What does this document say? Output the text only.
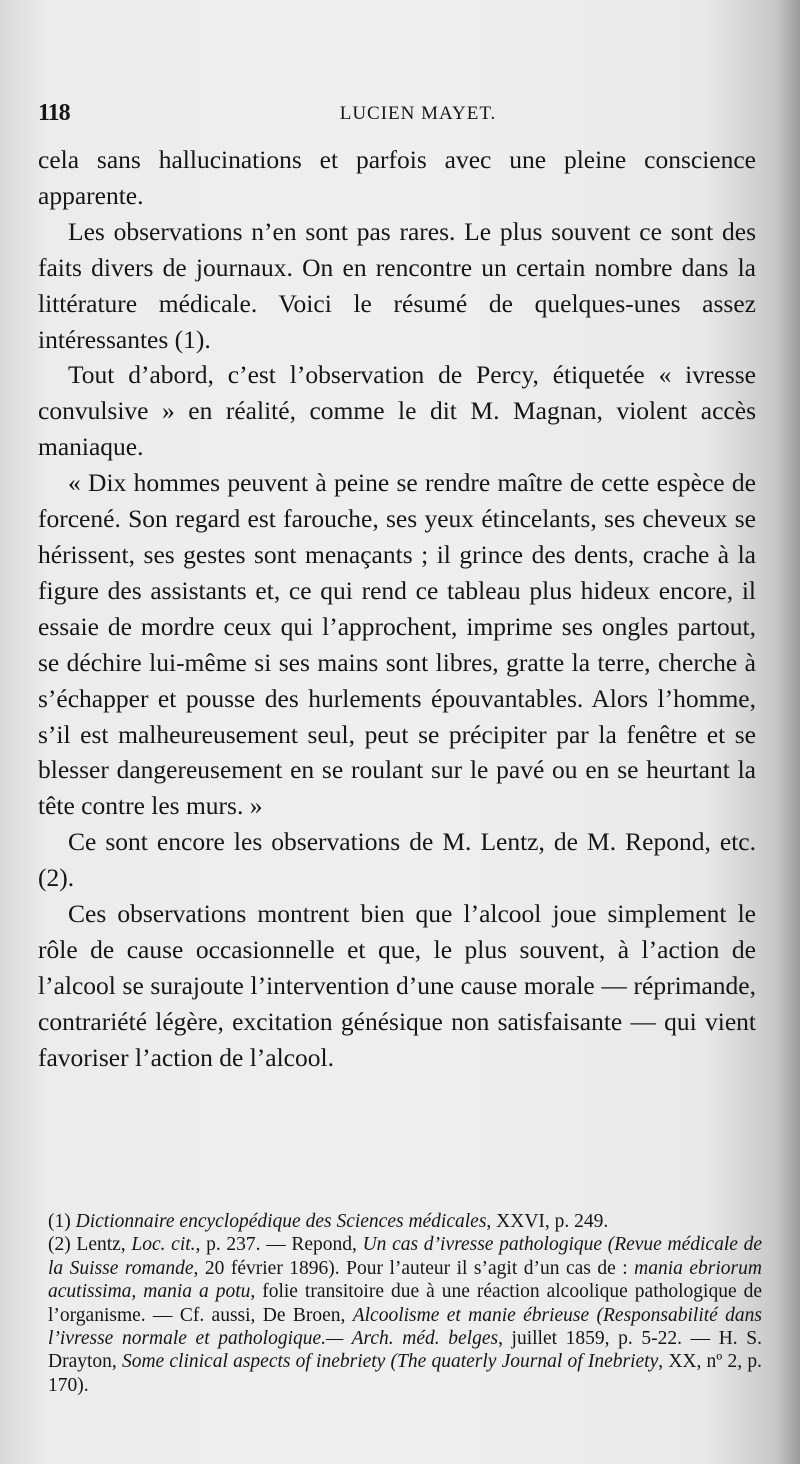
118	LUCIEN MAYET.

cela sans hallucinations et parfois avec une pleine conscience apparente.

Les observations n’en sont pas rares. Le plus souvent ce sont des faits divers de journaux. On en rencontre un certain nombre dans la littérature médicale. Voici le résumé de quelques-unes assez intéressantes (1).

Tout d’abord, c’est l’observation de Percy, étiquetée « ivresse convulsive » en réalité, comme le dit M. Magnan, violent accès maniaque.

« Dix hommes peuvent à peine se rendre maître de cette espèce de forcené. Son regard est farouche, ses yeux étincelants, ses cheveux se hérissent, ses gestes sont menaçants ; il grince des dents, crache à la figure des assistants et, ce qui rend ce tableau plus hideux encore, il essaie de mordre ceux qui l’approchent, imprime ses ongles partout, se déchire lui-même si ses mains sont libres, gratte la terre, cherche à s’échapper et pousse des hurlements épouvantables. Alors l’homme, s’il est malheureusement seul, peut se précipiter par la fenêtre et se blesser dangereusement en se roulant sur le pavé ou en se heurtant la tête contre les murs. »

Ce sont encore les observations de M. Lentz, de M. Repond, etc. (2).

Ces observations montrent bien que l’alcool joue simplement le rôle de cause occasionnelle et que, le plus souvent, à l’action de l’alcool se surajoute l’intervention d’une cause morale — réprimande, contrariété légère, excitation génésique non satisfaisante — qui vient favoriser l’action de l’alcool.

(1) Dictionnaire encyclopédique des Sciences médicales, XXVI, p. 249.

(2) Lentz, Loc. cit., p. 237. — Repond, Un cas d’ivresse pathologique (Revue médicale de la Suisse romande, 20 février 1896). Pour l’auteur il s’agit d’un cas de : mania ebriorum acutissima, mania a potu, folie transitoire due à une réaction alcoolique pathologique de l’organisme. — Cf. aussi, De Broen, Alcoolisme et manie ébrieuse (Responsabilité dans l’ivresse normale et pathologique.— Arch. méd. belges, juillet 1859, p. 5-22. — H. S. Drayton, Some clinical aspects of inebriety (The quaterly Journal of Inebriety, XX, nº 2, p. 170).
